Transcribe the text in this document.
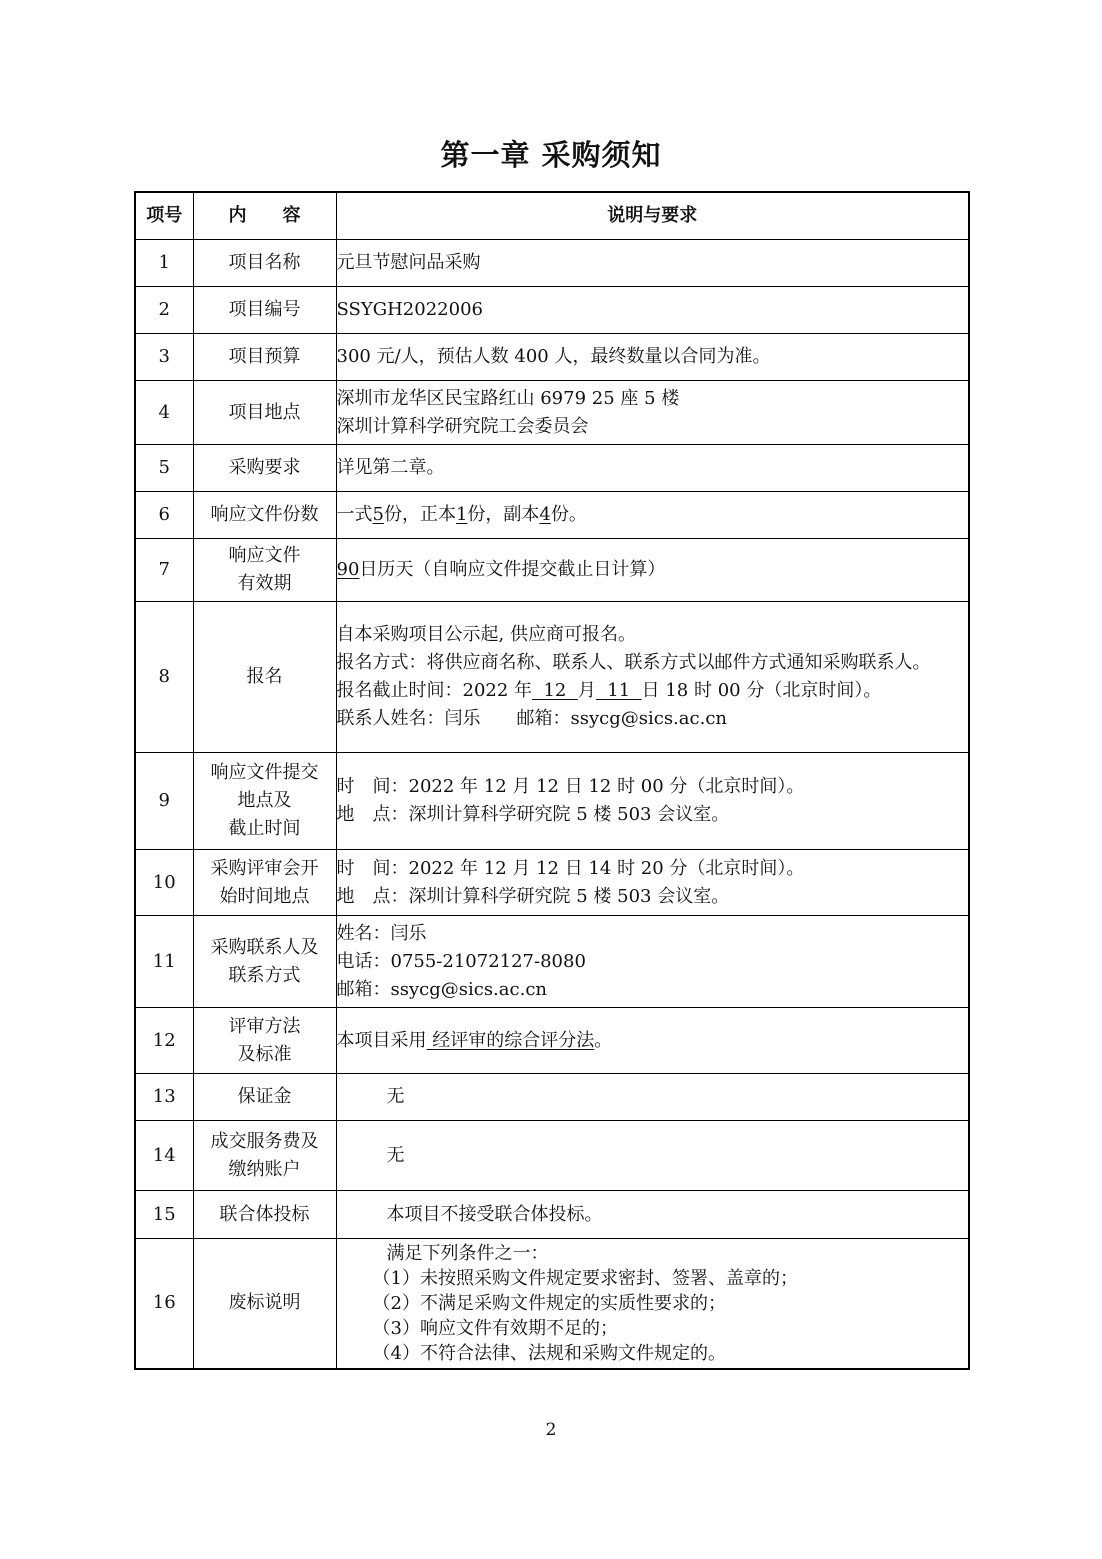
第一章 采购须知
项号	内　　容	说明与要求
1	项目名称	元旦节慰问品采购

2	项目编号	SSYGH2022006

3	项目预算	300 元/人，预估人数 400 人，最终数量以合同为准。

4	项目地点	深圳市龙华区民宝路红山 6979 25 座 5 楼
深圳计算科学研究院工会委员会

5	采购要求	详见第二章。

6	响应文件份数	一式5份，正本1份，副本4份。
7	响应文件
有效期	90日历天（自响应文件提交截止日计算）
8	报名	自本采购项目公示起, 供应商可报名。
报名方式：将供应商名称、联系人、联系方式以邮件方式通知采购联系人。
报名截止时间：2022 年  12  月  11  日 18 时 00 分（北京时间）。
联系人姓名：闫乐　　邮箱：ssycg@sics.ac.cn

9	响应文件提交
地点及
截止时间	时　间：2022 年 12 月 12 日 12 时 00 分（北京时间）。
地　点：深圳计算科学研究院 5 楼 503 会议室。

10	采购评审会开
始时间地点	时　间：2022 年 12 月 12 日 14 时 20 分（北京时间）。
地　点：深圳计算科学研究院 5 楼 503 会议室。

11	采购联系人及
联系方式	姓名：闫乐
电话：0755-21072127-8080
邮箱：ssycg@sics.ac.cn

12	评审方法
及标准	本项目采用 经评审的综合评分法。
13	保证金	无

14	成交服务费及
缴纳账户	无

15	联合体投标	本项目不接受联合体投标。

16	废标说明	满足下列条件之一：
（1）未按照采购文件规定要求密封、签署、盖章的；
（2）不满足采购文件规定的实质性要求的；
（3）响应文件有效期不足的；
（4）不符合法律、法规和采购文件规定的。
2
